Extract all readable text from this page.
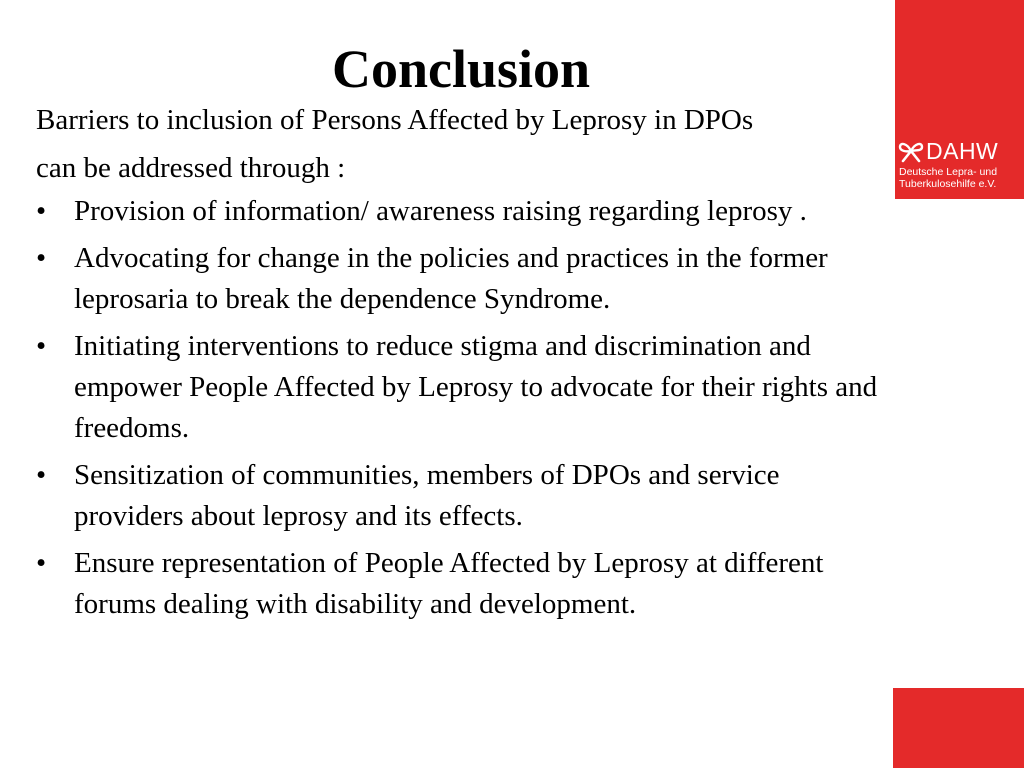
DAHW
Deutsche Lepra- und
Tuberkulosehilfe e.V.
Conclusion

Barriers to inclusion of Persons Affected by Leprosy in DPOs

can be addressed through :

• Provision of information/ awareness raising regarding leprosy .
• Advocating for change in the policies and practices in the former leprosaria to break the dependence Syndrome.
• Initiating interventions to reduce stigma and discrimination and empower People Affected by Leprosy to advocate for their rights and freedoms.
• Sensitization of communities, members of DPOs and service providers about leprosy and its effects.
• Ensure representation of People Affected by Leprosy at different forums dealing with disability and development.
